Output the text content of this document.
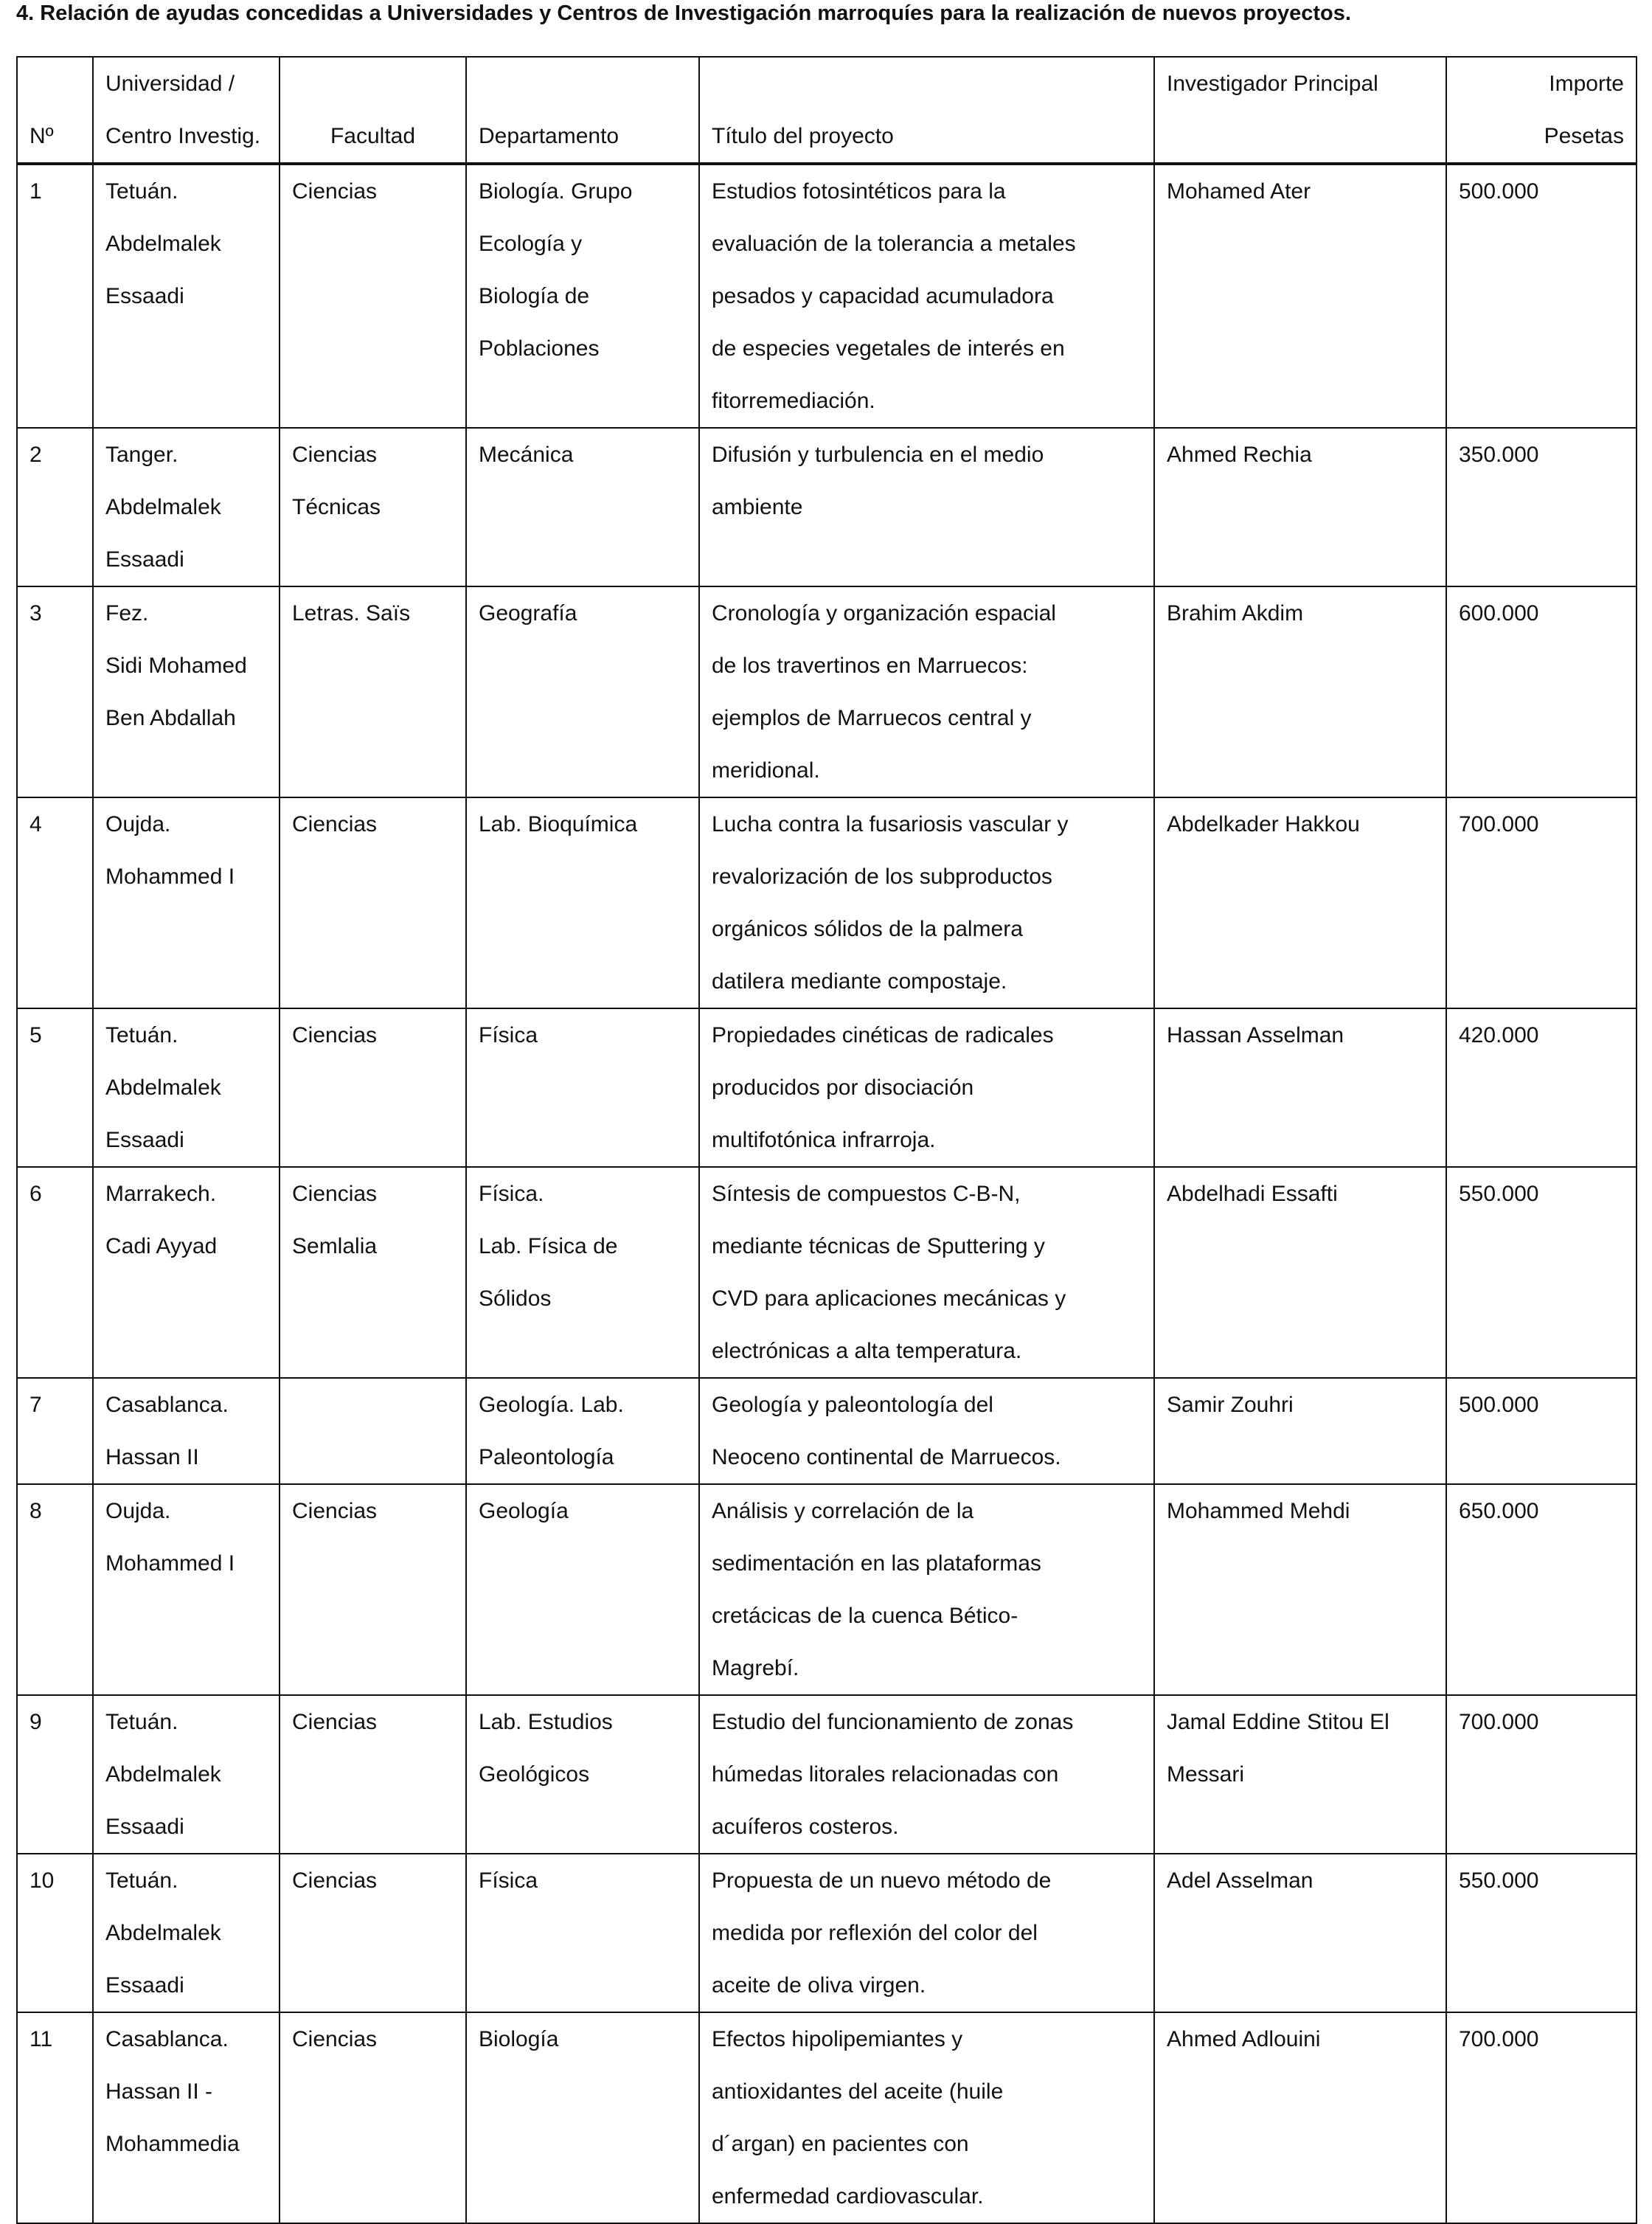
4. Relación de ayudas concedidas a Universidades y Centros de Investigación marroquíes para la realización de nuevos proyectos.
Nº	Universidad /
Centro Investig.	Facultad	Departamento	Título del proyecto	Investigador Principal	Importe
Pesetas

1	Tetuán.
Abdelmalek
Essaadi	Ciencias	Biología. Grupo
Ecología y
Biología de
Poblaciones	Estudios fotosintéticos para la
evaluación de la tolerancia a metales
pesados y capacidad acumuladora
de especies vegetales de interés en
fitorremediación.	Mohamed Ater	500.000
2	Tanger.
Abdelmalek
Essaadi	Ciencias
Técnicas	Mecánica	Difusión y turbulencia en el medio
ambiente	Ahmed Rechia	350.000
3	Fez.
Sidi Mohamed
Ben Abdallah	Letras. Saïs	Geografía	Cronología y organización espacial
de los travertinos en Marruecos:
ejemplos de Marruecos central y
meridional.	Brahim Akdim	600.000
4	Oujda.
Mohammed I	Ciencias	Lab. Bioquímica	Lucha contra la fusariosis vascular y
revalorización de los subproductos
orgánicos sólidos de la palmera
datilera mediante compostaje.	Abdelkader Hakkou	700.000
5	Tetuán.
Abdelmalek
Essaadi	Ciencias	Física	Propiedades cinéticas de radicales
producidos por disociación
multifotónica infrarroja.	Hassan Asselman	420.000
6	Marrakech.
Cadi Ayyad	Ciencias
Semlalia	Física.
Lab. Física de
Sólidos	Síntesis de compuestos C-B-N,
mediante técnicas de Sputtering y
CVD para aplicaciones mecánicas y
electrónicas a alta temperatura.	Abdelhadi Essafti	550.000
7	Casablanca.
Hassan II		Geología. Lab.
Paleontología	Geología y paleontología del
Neoceno continental de Marruecos.	Samir Zouhri	500.000
8	Oujda.
Mohammed I	Ciencias	Geología	Análisis y correlación de la
sedimentación en las plataformas
cretácicas de la cuenca Bético-
Magrebí.	Mohammed Mehdi	650.000
9	Tetuán.
Abdelmalek
Essaadi	Ciencias	Lab. Estudios
Geológicos	Estudio del funcionamiento de zonas
húmedas litorales relacionadas con
acuíferos costeros.	Jamal Eddine Stitou El
Messari	700.000
10	Tetuán.
Abdelmalek
Essaadi	Ciencias	Física	Propuesta de un nuevo método de
medida por reflexión del color del
aceite de oliva virgen.	Adel Asselman	550.000
11	Casablanca.
Hassan II -
Mohammedia	Ciencias	Biología	Efectos hipolipemiantes y
antioxidantes del aceite (huile
d´argan) en pacientes con
enfermedad cardiovascular.	Ahmed Adlouini	700.000
